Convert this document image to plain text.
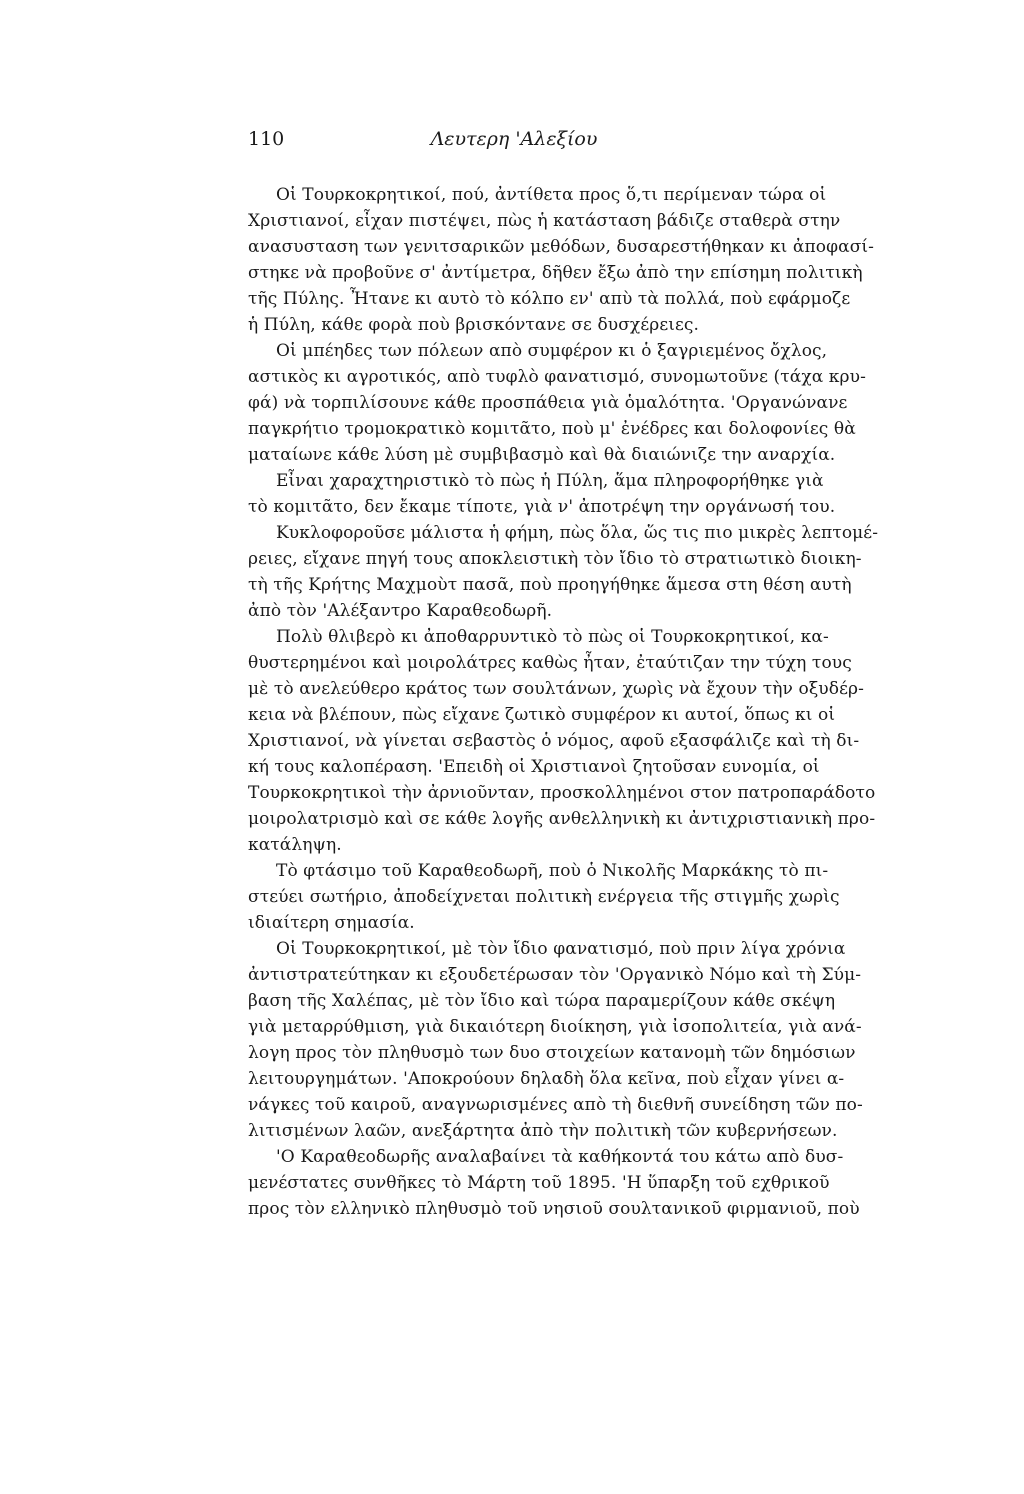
110	Λευτερη 'Αλεξίου
Οἱ Τουρκοκρητικοί, πού, ἀντίθετα προς ὅ,τι περίμεναν τώρα οἱ
Χριστιανοί, εἶχαν πιστέψει, πὼς ἡ κατάσταση βάδιζε σταθερὰ στην
ανασυσταση των γενιτσαρικῶν μεθόδων, δυσαρεστήθηκαν κι ἀποφασί-
στηκε νὰ προβοῦνε σ' ἀντίμετρα, δῆθεν ἔξω ἀπὸ την επίσημη πολιτικὴ
τῆς Πύλης. Ἦτανε κι αυτὸ τὸ κόλπο εν' απὺ τὰ πολλά, ποὺ εφάρμοζε
ἡ Πύλη, κάθε φορὰ ποὺ βρισκόντανε σε δυσχέρειες.
Οἱ μπέηδες των πόλεων απὸ συμφέρον κι ὁ ξαγριεμένος ὄχλος,
αστικὸς κι αγροτικός, απὸ τυφλὸ φανατισμό, συνομωτοῦνε (τάχα κρυ-
φά) νὰ τορπιλίσουνε κάθε προσπάθεια γιὰ ὁμαλότητα. 'Οργανώνανε
παγκρήτιο τρομοκρατικὸ κομιτᾶτο, ποὺ μ' ἐνέδρες και δολοφονίες θὰ
ματαίωνε κάθε λύση μὲ συμβιβασμὸ καὶ θὰ διαιώνιζε την αναρχία.
Εἶναι χαραχτηριστικὸ τὸ πὼς ἡ Πύλη, ἅμα πληροφορήθηκε γιὰ
τὸ κομιτᾶτο, δεν ἔκαμε τίποτε, γιὰ ν' ἀποτρέψη την οργάνωσή του.
Κυκλοφοροῦσε μάλιστα ἡ φήμη, πὼς ὅλα, ὥς τις πιο μικρὲς λεπτομέ-
ρειες, εἴχανε πηγή τους αποκλειστικὴ τὸν ἴδιο τὸ στρατιωτικὸ διοικη-
τὴ τῆς Κρήτης Μαχμοὺτ πασᾶ, ποὺ προηγήθηκε ἅμεσα στη θέση αυτὴ
ἀπὸ τὸν 'Αλέξαντρο Καραθεοδωρῆ.
Πολὺ θλιβερὸ κι ἀποθαρρυντικὸ τὸ πὼς οἱ Τουρκοκρητικοί, κα-
θυστερημένοι καὶ μοιρολάτρες καθὼς ἦταν, ἐταύτιζαν την τύχη τους
μὲ τὸ ανελεύθερο κράτος των σουλτάνων, χωρὶς νὰ ἔχουν τὴν οξυδέρ-
κεια νὰ βλέπουν, πὼς εἴχανε ζωτικὸ συμφέρον κι αυτοί, ὅπως κι οἱ
Χριστιανοί, νὰ γίνεται σεβαστὸς ὁ νόμος, αφοῦ εξασφάλιζε καὶ τὴ δι-
κή τους καλοπέραση. 'Επειδὴ οἱ Χριστιανοὶ ζητοῦσαν ευνομία, οἱ
Τουρκοκρητικοὶ τὴν ἀρνιοῦνταν, προσκολλημένοι στον πατροπαράδοτο
μοιρολατρισμὸ καὶ σε κάθε λογῆς ανθελληνικὴ κι ἀντιχριστιανικὴ προ-
κατάληψη.
Τὸ φτάσιμο τοῦ Καραθεοδωρῆ, ποὺ ὁ Νικολῆς Μαρκάκης τὸ πι-
στεύει σωτήριο, ἀποδείχνεται πολιτικὴ ενέργεια τῆς στιγμῆς χωρὶς
ιδιαίτερη σημασία.
Οἱ Τουρκοκρητικοί, μὲ τὸν ἴδιο φανατισμό, ποὺ πριν λίγα χρόνια
ἀντιστρατεύτηκαν κι εξουδετέρωσαν τὸν 'Οργανικὸ Νόμο καὶ τὴ Σύμ-
βαση τῆς Χαλέπας, μὲ τὸν ἴδιο καὶ τώρα παραμερίζουν κάθε σκέψη
γιὰ μεταρρύθμιση, γιὰ δικαιότερη διοίκηση, γιὰ ἰσοπολιτεία, γιὰ ανά-
λογη προς τὸν πληθυσμὸ των δυο στοιχείων κατανομὴ τῶν δημόσιων
λειτουργημάτων. 'Αποκρούουν δηλαδὴ ὅλα κεῖνα, ποὺ εἶχαν γίνει α-
νάγκες τοῦ καιροῦ, αναγνωρισμένες απὸ τὴ διεθνῆ συνείδηση τῶν πο-
λιτισμένων λαῶν, ανεξάρτητα ἀπὸ τὴν πολιτικὴ τῶν κυβερνήσεων.
'Ο Καραθεοδωρῆς αναλαβαίνει τὰ καθήκοντά του κάτω απὸ δυσ-
μενέστατες συνθῆκες τὸ Μάρτη τοῦ 1895. 'Η ὕπαρξη τοῦ εχθρικοῦ
προς τὸν ελληνικὸ πληθυσμὸ τοῦ νησιοῦ σουλτανικοῦ φιρμανιοῦ, ποὺ
